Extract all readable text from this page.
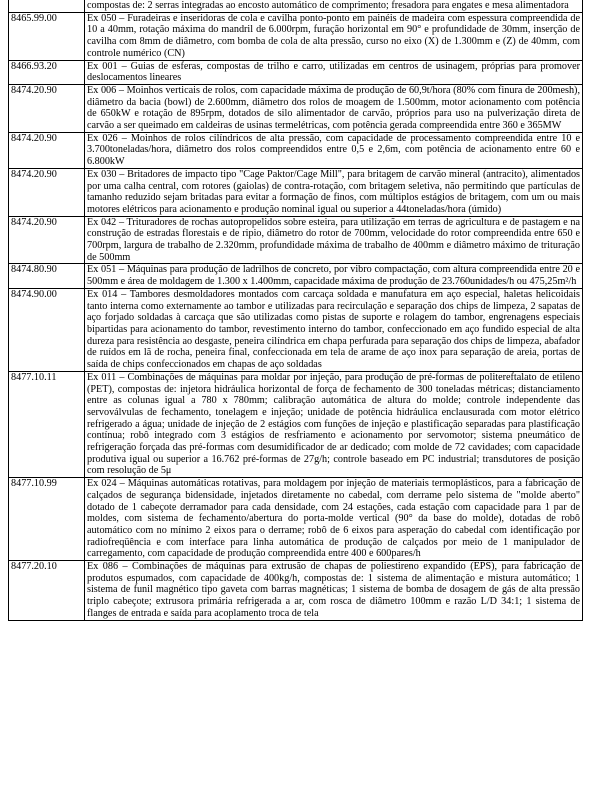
	compostas de: 2 serras integradas ao encosto automático de comprimento; fresadora para engates e mesa alimentadora
8465.99.00	Ex 050 – Furadeiras e inseridoras de cola e cavilha ponto-ponto em painéis de madeira com espessura compreendida de 10 a 40mm, rotação máxima do mandril de 6.000rpm, furação horizontal em 90° e profundidade de 30mm, inserção de cavilha com 8mm de diâmetro, com bomba de cola de alta pressão, curso no eixo (X) de 1.300mm e (Z) de 40mm, com controle numérico (CN)
8466.93.20	Ex 001 – Guias de esferas, compostas de trilho e carro, utilizadas em centros de usinagem, próprias para promover deslocamentos lineares
8474.20.90	Ex 006 – Moinhos verticais de rolos, com capacidade máxima de produção de 60,9t/hora (80% com finura de 200mesh), diâmetro da bacia (bowl) de 2.600mm, diâmetro dos rolos de moagem de 1.500mm, motor acionamento com potência de 650kW e rotação de 895rpm, dotados de silo alimentador de carvão, próprios para uso na pulverização direta de carvão a ser queimado em caldeiras de usinas termelétricas, com potência gerada compreendida entre 360 e 365MW
8474.20.90	Ex 026 – Moinhos de rolos cilíndricos de alta pressão, com capacidade de processamento compreendida entre 10 e 3.700toneladas/hora, diâmetro dos rolos compreendidos entre 0,5 e 2,6m, com potência de acionamento entre 60 e 6.800kW
8474.20.90	Ex 030 – Britadores de impacto tipo "Cage Paktor/Cage Mill", para britagem de carvão mineral (antracito), alimentados por uma calha central, com rotores (gaiolas) de contra-rotação, com britagem seletiva, não permitindo que partículas de tamanho reduzido sejam britadas para evitar a formação de finos, com múltiplos estágios de britagem, com um ou mais motores elétricos para acionamento e produção nominal igual ou superior a 44toneladas/hora (úmido)
8474.20.90	Ex 042 – Trituradores de rochas autopropelidos sobre esteira, para utilização em terras de agricultura e de pastagem e na construção de estradas florestais e de ripio, diâmetro do rotor de 700mm, velocidade do rotor compreendida entre 650 e 700rpm, largura de trabalho de 2.320mm, profundidade máxima de trabalho de 400mm e diâmetro máximo de trituração de 500mm
8474.80.90	Ex 051 – Máquinas para produção de ladrilhos de concreto, por vibro compactação, com altura compreendida entre 20 e 500mm e área de moldagem de 1.300 x 1.400mm, capacidade máxima de produção de 23.760unidades/h ou 475,25m²/h
8474.90.00	Ex 014 – Tambores desmoldadores montados com carcaça soldada e manufatura em aço especial, haletas helicoidais tanto interna como externamente ao tambor e utilizadas para recirculação e separação dos chips de limpeza, 2 sapatas de aço forjado soldadas à carcaça que são utilizadas como pistas de suporte e rolagem do tambor, engrenagens especiais bipartidas para acionamento do tambor, revestimento interno do tambor, confeccionado em aço fundido especial de alta dureza para resistência ao desgaste, peneira cilíndrica em chapa perfurada para separação dos chips de limpeza, abafador de ruídos em lã de rocha, peneira final, confeccionada em tela de arame de aço inox para separação de areia, portas de saída de chips confeccionados em chapas de aço soldadas
8477.10.11	Ex 011 – Combinações de máquinas para moldar por injeção, para produção de pré-formas de politereftalato de etileno (PET), compostas de: injetora hidráulica horizontal de força de fechamento de 300 toneladas métricas; distanciamento entre as colunas igual a 780 x 780mm; calibração automática de altura do molde; controle independente das servoválvulas de fechamento, tonelagem e injeção; unidade de potência hidráulica enclausurada com motor elétrico refrigerado a água; unidade de injeção de 2 estágios com funções de injeção e plastificação separadas para plastificação contínua; robô integrado com 3 estágios de resfriamento e acionamento por servomotor; sistema pneumático de refrigeração forçada das pré-formas com desumidificador de ar dedicado; com molde de 72 cavidades; com capacidade produtiva igual ou superior a 16.762 pré-formas de 27g/h; controle baseado em PC industrial; transdutores de posição com resolução de 5μ
8477.10.99	Ex 024 – Máquinas automáticas rotativas, para moldagem por injeção de materiais termoplásticos, para a fabricação de calçados de segurança bidensidade, injetados diretamente no cabedal, com derrame pelo sistema de "molde aberto" dotado de 1 cabeçote derramador para cada densidade, com 24 estações, cada estação com capacidade para 1 par de moldes, com sistema de fechamento/abertura do porta-molde vertical (90° da base do molde), dotadas de robô automático com no mínimo 2 eixos para o derrame; robô de 6 eixos para asperação do cabedal com identificação por radiofreqüência e com interface para linha automática de produção de calçados por meio de 1 manipulador de carregamento, com capacidade de produção compreendida entre 400 e 600pares/h
8477.20.10	Ex 086 – Combinações de máquinas para extrusão de chapas de poliestireno expandido (EPS), para fabricação de produtos espumados, com capacidade de 400kg/h, compostas de: 1 sistema de alimentação e mistura automático; 1 sistema de funil magnético tipo gaveta com barras magnéticas; 1 sistema de bomba de dosagem de gás de alta pressão triplo cabeçote; extrusora primária refrigerada a ar, com rosca de diâmetro 100mm e razão L/D 34:1; 1 sistema de flanges de entrada e saída para acoplamento troca de tela
